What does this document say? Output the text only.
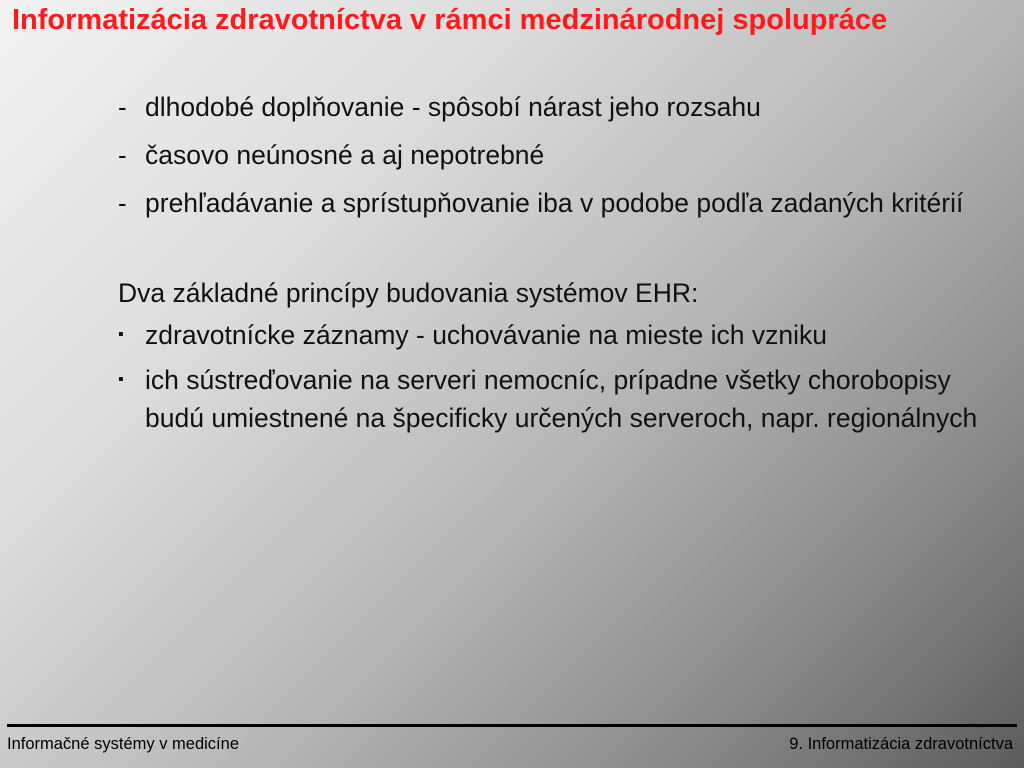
Informatizácia zdravotníctva v rámci medzinárodnej spolupráce
- dlhodobé doplňovanie - spôsobí nárast jeho rozsahu
- časovo neúnosné a aj nepotrebné
- prehľadávanie a sprístupňovanie iba v podobe podľa zadaných kritérií

Dva základné princípy budovania systémov EHR:

▪ zdravotnícke záznamy - uchovávanie na mieste ich vzniku
▪ ich sústreďovanie na serveri nemocníc, prípadne všetky chorobopisy budú umiestnené na špecificky určených serveroch, napr. regionálnych
Informačné systémy v medicíne	9. Informatizácia zdravotníctva
